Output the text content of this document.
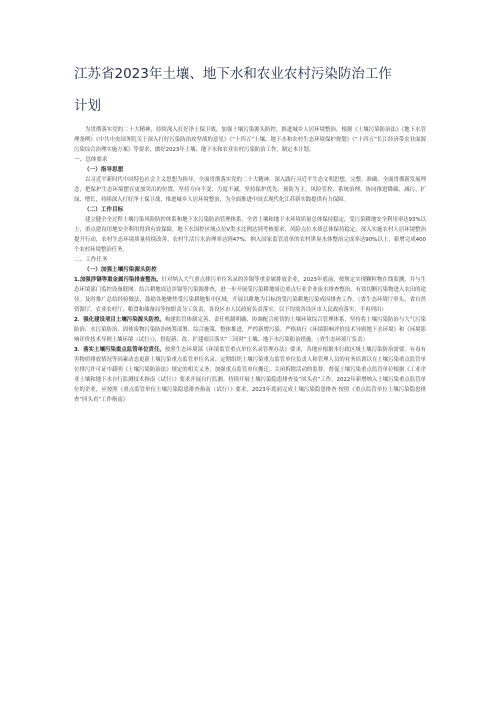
江苏省2023年土壤、地下水和农业农村污染防治工作
计划

为贯彻落实党的二十大精神，持续深入打好净土保卫战，加强土壤污染源头防控，推进城乡人居环境整治，根据《土壤污染防治法》《地下水管理条例》《中共中央国务院关于深入打好污染防治攻坚战的意见》《“十四五”土壤、地下水和农村生态环境保护规划》《“十四五”长江经济带农业面源污染综合治理实施方案》等要求，做好2023年土壤、地下水和农业农村污染防治工作，制定本计划。

一、总体要求

（一）指导思想

以习近平新时代中国特色社会主义思想为指导，全面贯彻落实党的二十大精神，深入践行习近平生态文明思想，完整、准确、全面贯彻新发展理念，把保护生态环境摆在更加突出的位置，坚持方向不变、力度不减，坚持保护优先、预防为主，风险管控、系统治理，协同推进降碳、减污、扩绿、增长，持续深入打好净土保卫战，推进城乡人居环境整治，为全面推进中国式现代化江苏新实践提供有力保障。

（二）工作目标

建立健全全过程土壤污染风险防控体系和地下水污染防治管理体系，全省土壤和地下水环境质量总体保持稳定，受污染耕地安全利用率达93%以上，重点建设用地安全利用得到有效保障，地下水国控区域点位V类水比例达到考核要求，风险点位水质总体保持稳定。深入实施农村人居环境整治提升行动，农村生态环境质量持续改善，农村生活污水治理率达到47%，纳入国家监管清单的农村黑臭水体整治完成率达90%以上，新增完成400个农村环境整治任务。

二、工作任务

（一）加强土壤污染源头防控

1.加强涉镉等重金属污染排查整治。针对纳入大气重点排污单位名录的涉镉等重金属排放企业，2023年底前，按规定实现颗粒物在线监测，并与生态环境部门监控设备联网。结合耕地周边涉镉等污染源排查，进一步开展受污染耕地周边重点行业企业废水排查整治，有效切断污染物进入农田的途径。及时推广总结经验做法，鼓励各地聚焦受污染耕地集中区域，开展以耕地为目标的受污染耕地污染成因排查工作。（省生态环境厅牵头，省自然资源厅、农业农村厅、粮食和储备局等按职责分工负责，各设区市人民政府负责落实。以下均需各设区市人民政府落实，不再列出）

2．强化建设项目土壤污染源头防控。构建监管体制完善、责任机制明确、协调配合密切的土壤环境综合管理体系，坚持将土壤污染防治与大气污染防治、水污染防治、固体废物污染防治统筹部署、综合施策、整体推进，严控新增污染。严格执行《环境影响评价技术导则地下水环境》和《环境影响评价技术导则土壤环境（试行）》，督促新、改、扩建项目落实“三同时”土壤、地下水污染防治措施。（省生态环境厅负责）

3．落实土壤污染重点监管单位责任。按照生态环境部《环境监管重点单位名录管理办法》要求，各地应根据本行政区域土壤污染防治需要、有毒有害物质排放情况等因素动态更新土壤污染重点监管单位名录。定期组织土壤污染重点监管单位负责人和管理人员的业务培训以在土壤污染重点监管单位排污许可证中载明《土壤污染防治法》规定的相关义务，加强重点监管单位搬迁、关闭拆除活动的监督。督促土壤污染重点监管单位根据《工业企业土壤和地下水自行监测技术指南（试行）》要求开展自行监测。持续开展土壤污染隐患排查及“回头看”工作，2022年新增纳入土壤污染重点监管单位的企业，应按照《重点监管单位土壤污染隐患排查指南（试行）》要求，2023年底前完成土壤污染隐患排查 按照《重点监管单位土壤污染隐患排查“回头看”工作指南》
